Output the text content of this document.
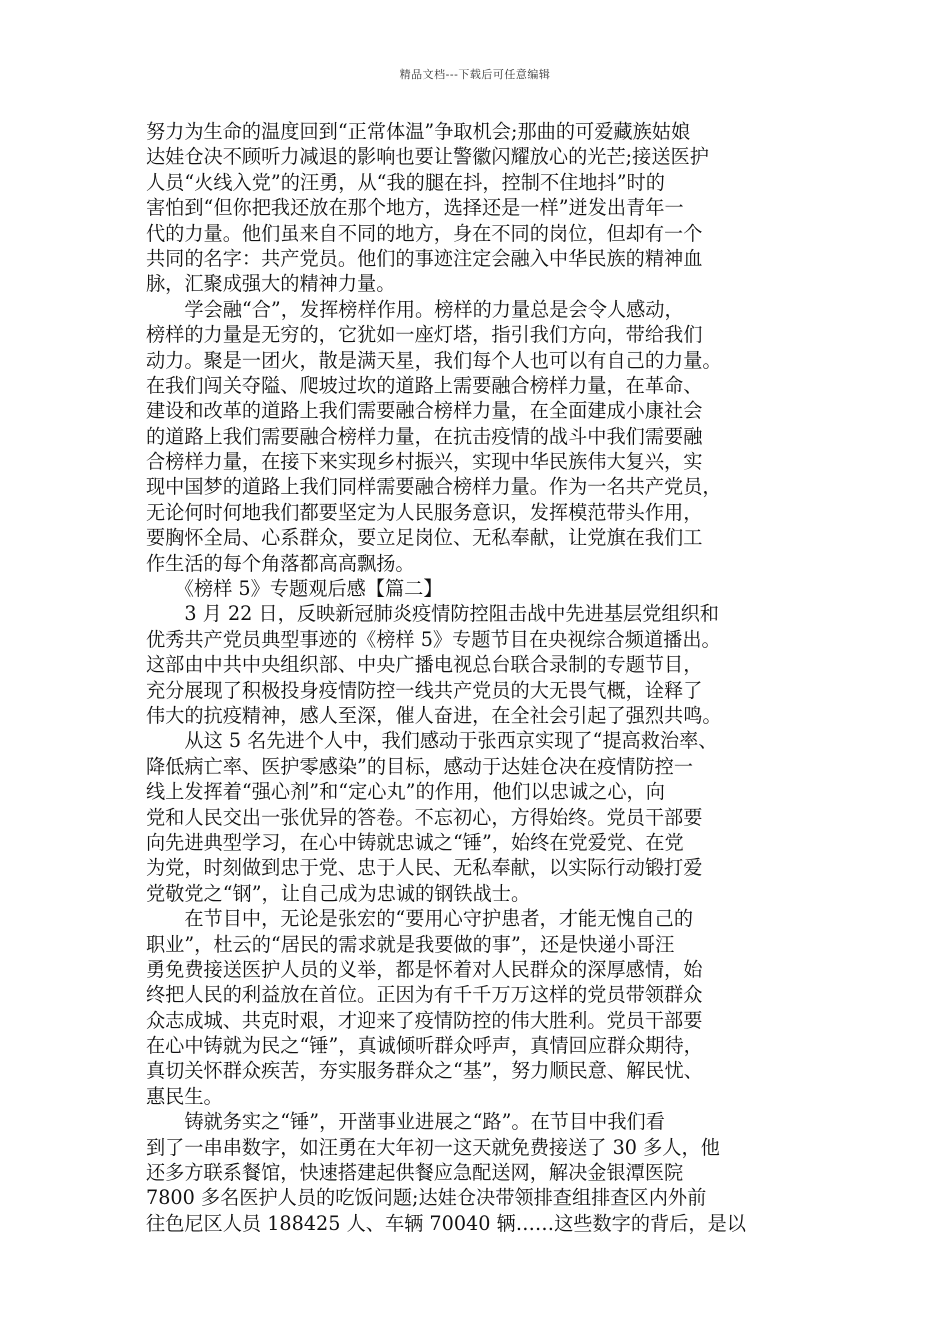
精品文档---下载后可任意编辑
努力为生命的温度回到“正常体温”争取机会;那曲的可爱藏族姑娘
达娃仓决不顾听力减退的影响也要让警徽闪耀放心的光芒;接送医护
人员“火线入党”的汪勇，从“我的腿在抖，控制不住地抖”时的
害怕到“但你把我还放在那个地方，选择还是一样”迸发出青年一
代的力量。他们虽来自不同的地方，身在不同的岗位，但却有一个
共同的名字：共产党员。他们的事迹注定会融入中华民族的精神血
脉，汇聚成强大的精神力量。
　　学会融“合”，发挥榜样作用。榜样的力量总是会令人感动，
榜样的力量是无穷的，它犹如一座灯塔，指引我们方向，带给我们
动力。聚是一团火，散是满天星，我们每个人也可以有自己的力量。
在我们闯关夺隘、爬坡过坎的道路上需要融合榜样力量，在革命、
建设和改革的道路上我们需要融合榜样力量，在全面建成小康社会
的道路上我们需要融合榜样力量，在抗击疫情的战斗中我们需要融
合榜样力量，在接下来实现乡村振兴，实现中华民族伟大复兴，实
现中国梦的道路上我们同样需要融合榜样力量。作为一名共产党员，
无论何时何地我们都要坚定为人民服务意识，发挥模范带头作用，
要胸怀全局、心系群众，要立足岗位、无私奉献，让党旗在我们工
作生活的每个角落都高高飘扬。
　　《榜样 5》专题观后感【篇二】
　　3 月 22 日，反映新冠肺炎疫情防控阻击战中先进基层党组织和
优秀共产党员典型事迹的《榜样 5》专题节目在央视综合频道播出。
这部由中共中央组织部、中央广播电视总台联合录制的专题节目，
充分展现了积极投身疫情防控一线共产党员的大无畏气概，诠释了
伟大的抗疫精神，感人至深，催人奋进，在全社会引起了强烈共鸣。
　　从这 5 名先进个人中，我们感动于张西京实现了“提高救治率、
降低病亡率、医护零感染”的目标，感动于达娃仓决在疫情防控一
线上发挥着“强心剂”和“定心丸”的作用，他们以忠诚之心，向
党和人民交出一张优异的答卷。不忘初心，方得始终。党员干部要
向先进典型学习，在心中铸就忠诚之“锤”，始终在党爱党、在党
为党，时刻做到忠于党、忠于人民、无私奉献，以实际行动锻打爱
党敬党之“钢”，让自己成为忠诚的钢铁战士。
　　在节目中，无论是张宏的“要用心守护患者，才能无愧自己的
职业”，杜云的“居民的需求就是我要做的事”，还是快递小哥汪
勇免费接送医护人员的义举，都是怀着对人民群众的深厚感情，始
终把人民的利益放在首位。正因为有千千万万这样的党员带领群众
众志成城、共克时艰，才迎来了疫情防控的伟大胜利。党员干部要
在心中铸就为民之“锤”，真诚倾听群众呼声，真情回应群众期待，
真切关怀群众疾苦，夯实服务群众之“基”，努力顺民意、解民忧、
惠民生。
　　铸就务实之“锤”，开凿事业进展之“路”。在节目中我们看
到了一串串数字，如汪勇在大年初一这天就免费接送了 30 多人，他
还多方联系餐馆，快速搭建起供餐应急配送网，解决金银潭医院
7800 多名医护人员的吃饭问题;达娃仓决带领排查组排查区内外前
往色尼区人员 188425 人、车辆 70040 辆……这些数字的背后，是以
